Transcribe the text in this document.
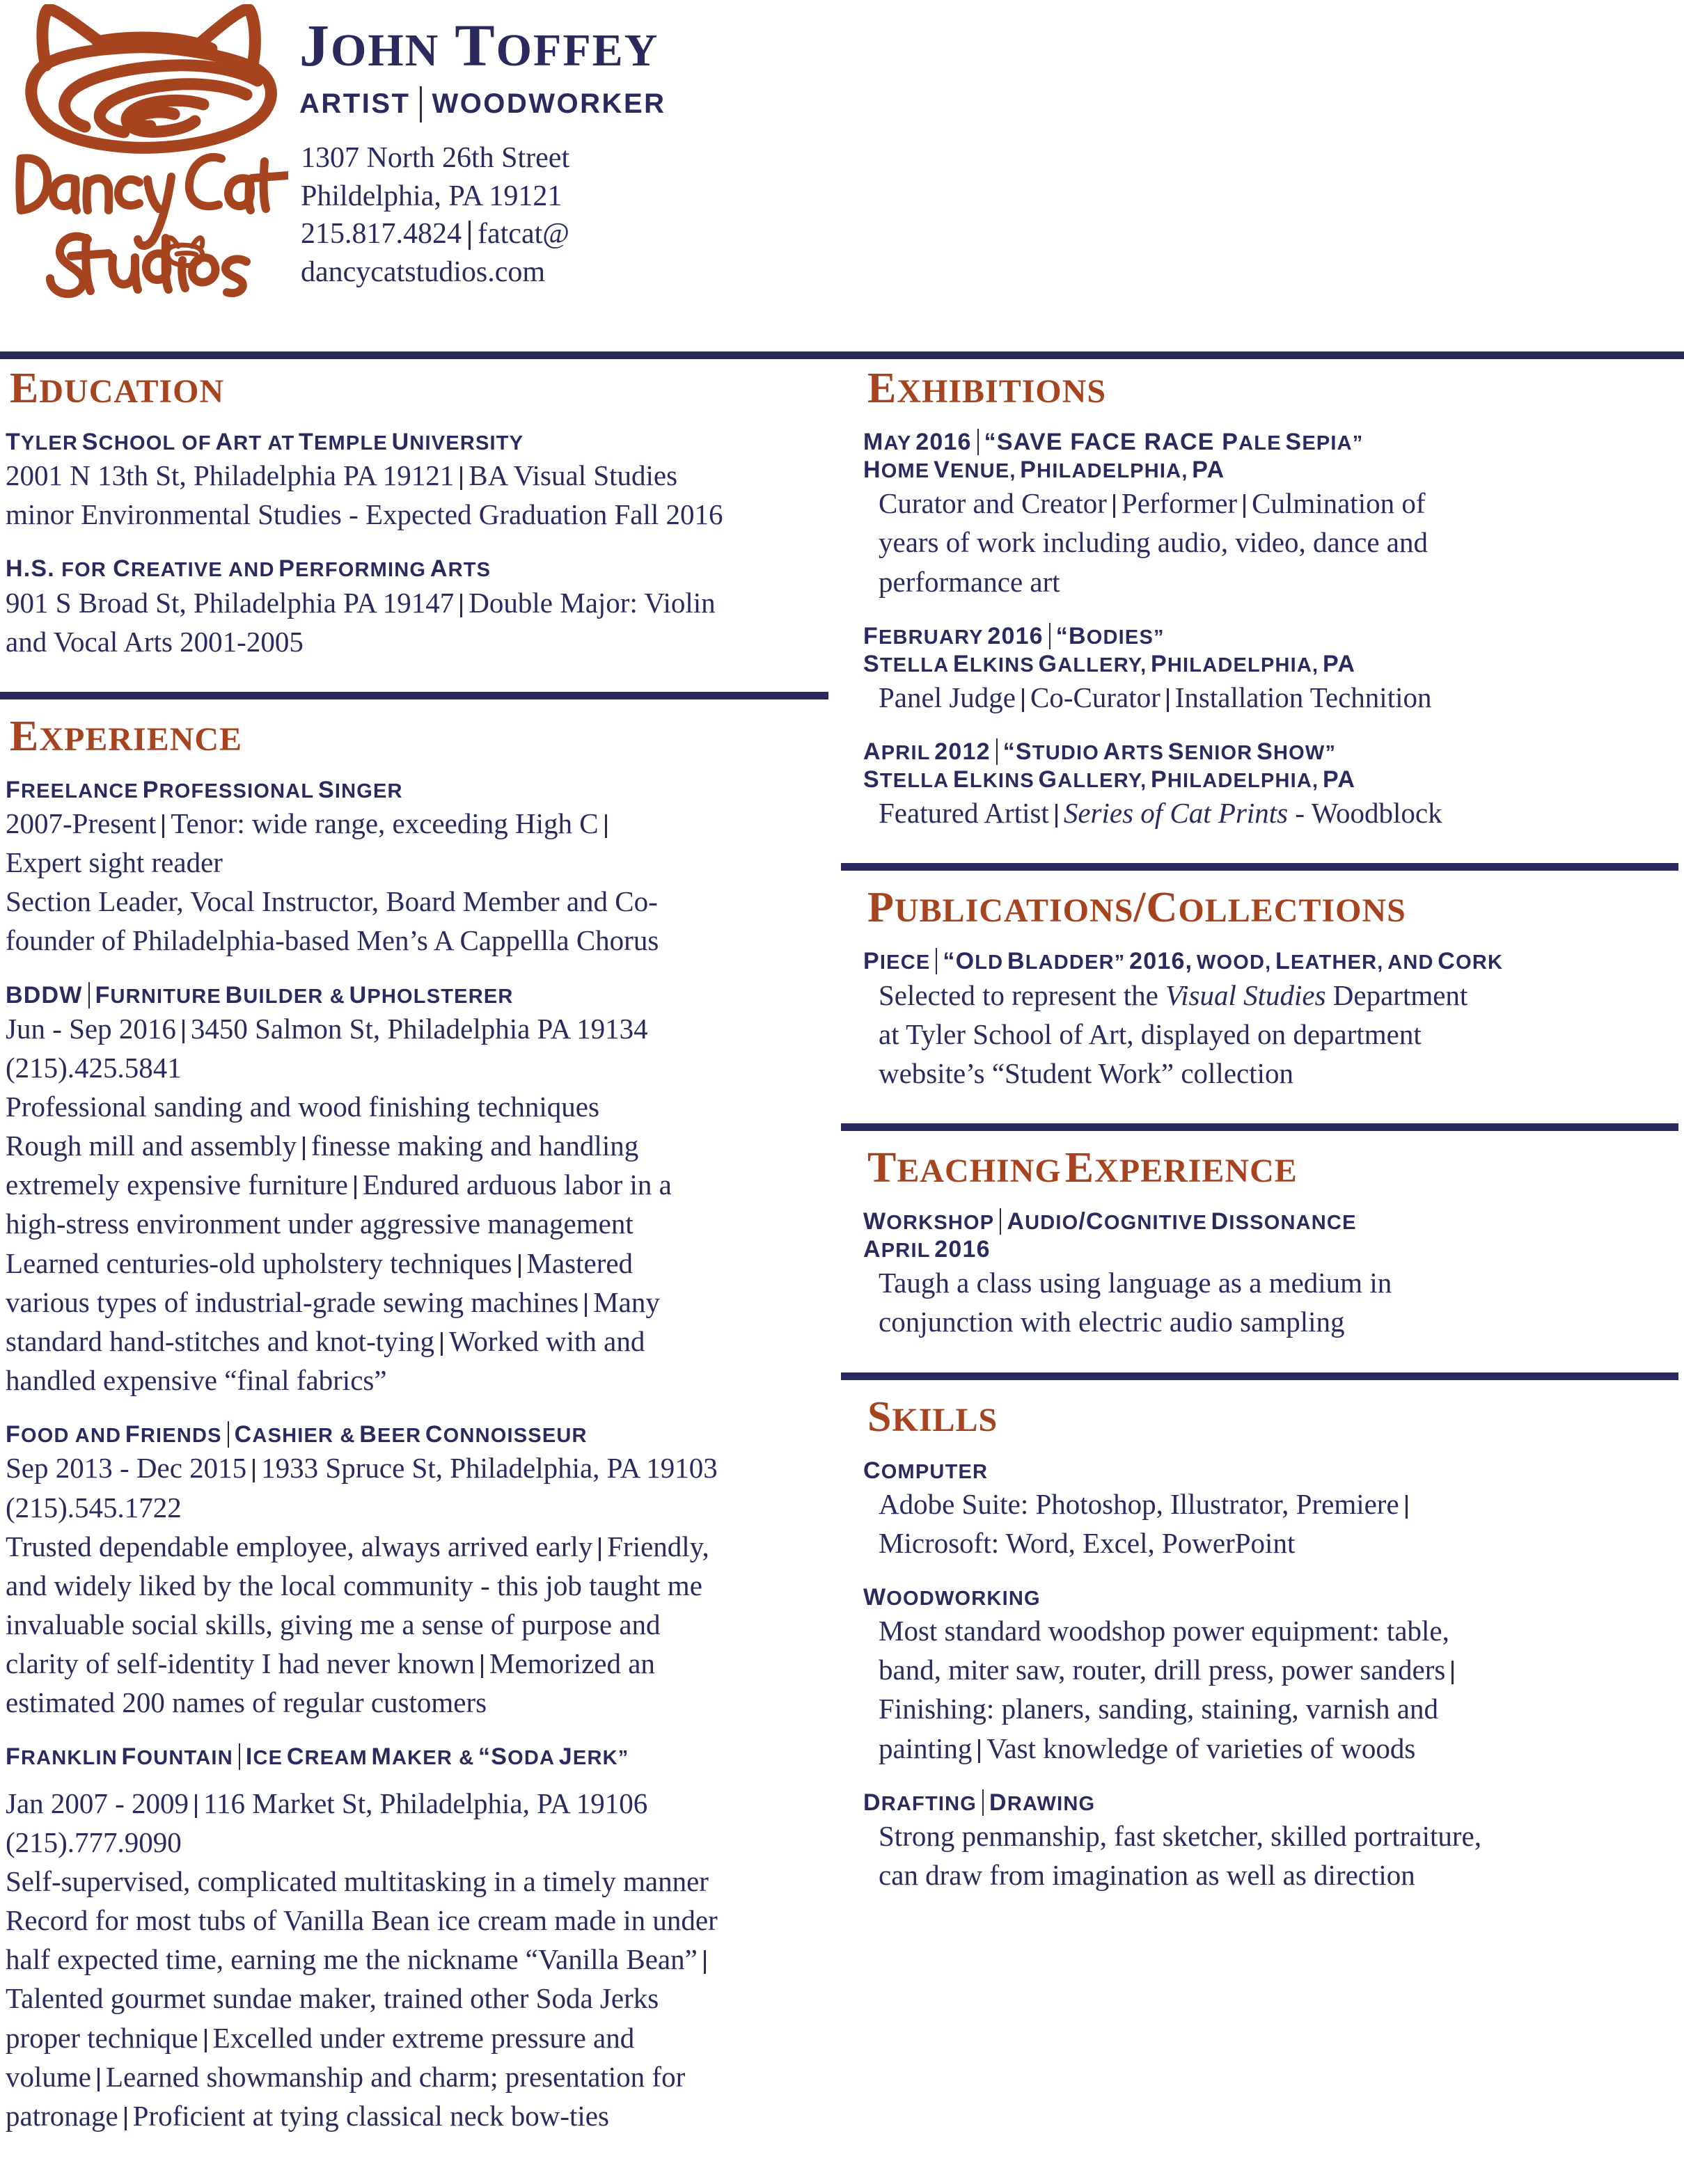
JOHN TOFFEY
ARTIST WOODWORKER
1307 North 26th Street
Phildelphia, PA 19121
215.817.4824 fatcat@
dancycatstudios.com
EDUCATION
TYLER SCHOOL OF ART AT TEMPLE UNIVERSITY
2001 N 13th St, Philadelphia PA 19121 BA Visual Studies
minor Environmental Studies - Expected Graduation Fall 2016
H.S. FOR CREATIVE AND PERFORMING ARTS
901 S Broad St, Philadelphia PA 19147 Double Major: Violin
and Vocal Arts 2001-2005
EXPERIENCE
FREELANCE PROFESSIONAL SINGER
2007-Present Tenor: wide range, exceeding High C
Expert sight reader
Section Leader, Vocal Instructor, Board Member and Co-
founder of Philadelphia-based Men’s A Cappellla Chorus
BDDW FURNITURE BUILDER & UPHOLSTERER
Jun - Sep 2016 3450 Salmon St, Philadelphia PA 19134
(215).425.5841
Professional sanding and wood finishing techniques
Rough mill and assembly finesse making and handling
extremely expensive furniture Endured arduous labor in a
high-stress environment under aggressive management
Learned centuries-old upholstery techniques Mastered
various types of industrial-grade sewing machines Many
standard hand-stitches and knot-tying Worked with and
handled expensive “final fabrics”
FOOD AND FRIENDS CASHIER & BEER CONNOISSEUR
Sep 2013 - Dec 2015 1933 Spruce St, Philadelphia, PA 19103
(215).545.1722
Trusted dependable employee, always arrived early Friendly,
and widely liked by the local community - this job taught me
invaluable social skills, giving me a sense of purpose and
clarity of self-identity I had never known Memorized an
estimated 200 names of regular customers
FRANKLIN FOUNTAIN ICE CREAM MAKER & “SODA JERK”
Jan 2007 - 2009 116 Market St, Philadelphia, PA 19106
(215).777.9090
Self-supervised, complicated multitasking in a timely manner
Record for most tubs of Vanilla Bean ice cream made in under
half expected time, earning me the nickname “Vanilla Bean”
Talented gourmet sundae maker, trained other Soda Jerks
proper technique Excelled under extreme pressure and
volume Learned showmanship and charm; presentation for
patronage Proficient at tying classical neck bow-ties
EXHIBITIONS
MAY 2016 “SAVE FACE RACE PALE SEPIA”
HOME VENUE, PHILADELPHIA, PA
Curator and Creator Performer Culmination of
years of work including audio, video, dance and
performance art
FEBRUARY 2016 “BODIES”
STELLA ELKINS GALLERY, PHILADELPHIA, PA
Panel Judge Co-Curator Installation Technition
APRIL 2012 “STUDIO ARTS SENIOR SHOW”
STELLA ELKINS GALLERY, PHILADELPHIA, PA
Featured Artist Series of Cat Prints - Woodblock
PUBLICATIONS/COLLECTIONS
PIECE “OLD BLADDER” 2016, WOOD, LEATHER, AND CORK
Selected to represent the Visual Studies Department
at Tyler School of Art, displayed on department
website’s “Student Work” collection
TEACHING EXPERIENCE
WORKSHOP AUDIO/COGNITIVE DISSONANCE
APRIL 2016
Taugh a class using language as a medium in
conjunction with electric audio sampling
SKILLS
COMPUTER
Adobe Suite: Photoshop, Illustrator, Premiere
Microsoft: Word, Excel, PowerPoint
WOODWORKING
Most standard woodshop power equipment: table,
band, miter saw, router, drill press, power sanders
Finishing: planers, sanding, staining, varnish and
painting Vast knowledge of varieties of woods
DRAFTING DRAWING
Strong penmanship, fast sketcher, skilled portraiture,
can draw from imagination as well as direction
